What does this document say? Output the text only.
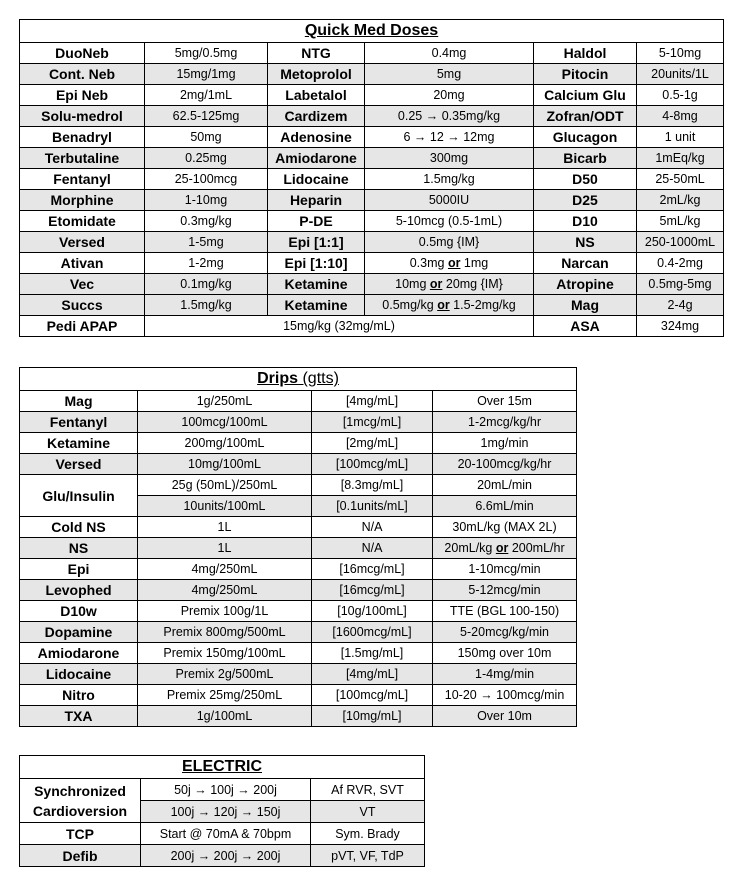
Quick Med Doses					
DuoNeb	5mg/0.5mg	NTG	0.4mg	Haldol	5-10mg
Cont. Neb	15mg/1mg	Metoprolol	5mg	Pitocin	20units/1L
Epi Neb	2mg/1mL	Labetalol	20mg	Calcium Glu	0.5-1g
Solu-medrol	62.5-125mg	Cardizem	0.25 → 0.35mg/kg	Zofran/ODT	4-8mg
Benadryl	50mg	Adenosine	6 → 12 → 12mg	Glucagon	1 unit
Terbutaline	0.25mg	Amiodarone	300mg	Bicarb	1mEq/kg
Fentanyl	25-100mcg	Lidocaine	1.5mg/kg	D50	25-50mL
Morphine	1-10mg	Heparin	5000IU	D25	2mL/kg
Etomidate	0.3mg/kg	P-DE	5-10mcg (0.5-1mL)	D10	5mL/kg
Versed	1-5mg	Epi [1:1]	0.5mg {IM}	NS	250-1000mL
Ativan	1-2mg	Epi [1:10]	0.3mg or 1mg	Narcan	0.4-2mg
Vec	0.1mg/kg	Ketamine	10mg or 20mg {IM}	Atropine	0.5mg-5mg
Succs	1.5mg/kg	Ketamine	0.5mg/kg or 1.5-2mg/kg	Mag	2-4g
Pedi APAP	15mg/kg (32mg/mL)			ASA	324mg
Drips (gtts)			
Mag	1g/250mL	[4mg/mL]	Over 15m
Fentanyl	100mcg/100mL	[1mcg/mL]	1-2mcg/kg/hr
Ketamine	200mg/100mL	[2mg/mL]	1mg/min
Versed	10mg/100mL	[100mcg/mL]	20-100mcg/kg/hr
Glu/Insulin	25g (50mL)/250mL	[8.3mg/mL]	20mL/min
	10units/100mL	[0.1units/mL]	6.6mL/min
Cold NS	1L	N/A	30mL/kg (MAX 2L)
NS	1L	N/A	20mL/kg or 200mL/hr
Epi	4mg/250mL	[16mcg/mL]	1-10mcg/min
Levophed	4mg/250mL	[16mcg/mL]	5-12mcg/min
D10w	Premix 100g/1L	[10g/100mL]	TTE (BGL 100-150)
Dopamine	Premix 800mg/500mL	[1600mcg/mL]	5-20mcg/kg/min
Amiodarone	Premix 150mg/100mL	[1.5mg/mL]	150mg over 10m
Lidocaine	Premix 2g/500mL	[4mg/mL]	1-4mg/min
Nitro	Premix 25mg/250mL	[100mcg/mL]	10-20 → 100mcg/min
TXA	1g/100mL	[10mg/mL]	Over 10m
ELECTRIC		
Synchronized
Cardioversion	50j → 100j → 200j	Af RVR, SVT
	100j → 120j → 150j	VT
TCP	Start @ 70mA & 70bpm	Sym. Brady
Defib	200j → 200j → 200j	pVT, VF, TdP
